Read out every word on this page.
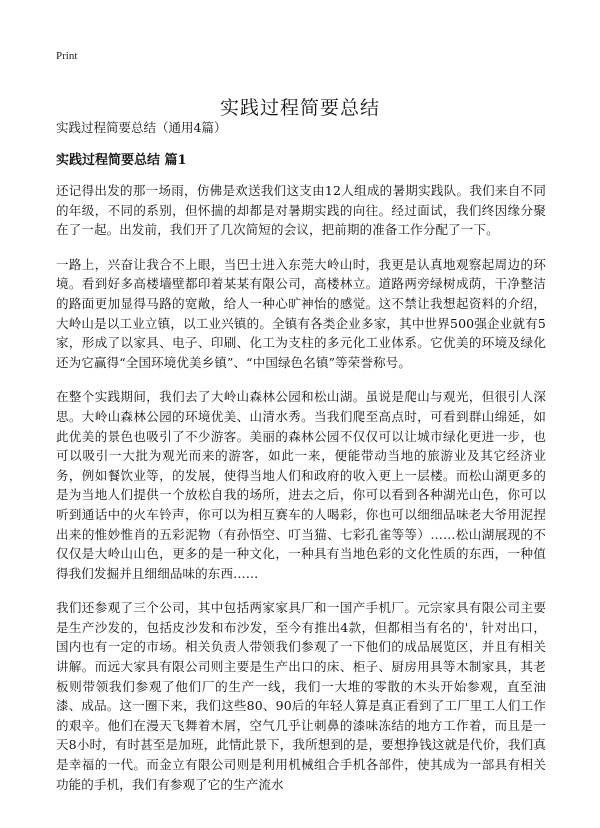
Print
实践过程简要总结

实践过程简要总结（通用4篇）

实践过程简要总结 篇1

还记得出发的那一场雨，仿佛是欢送我们这支由12人组成的暑期实践队。我们来自不同的年级，不同的系别，但怀揣的却都是对暑期实践的向往。经过面试，我们终因缘分聚在了一起。出发前，我们开了几次简短的会议，把前期的准备工作分配了一下。

一路上，兴奋让我合不上眼，当巴士进入东莞大岭山时，我更是认真地观察起周边的环境。看到好多高楼墙壁都印着某某有限公司，高楼林立。道路两旁绿树成荫，干净整洁的路面更加显得马路的宽敞，给人一种心旷神怡的感觉。这不禁让我想起资料的介绍，大岭山是以工业立镇，以工业兴镇的。全镇有各类企业多家，其中世界500强企业就有5家，形成了以家具、电子、印刷、化工为支柱的多元化工业体系。它优美的环境及绿化还为它赢得“全国环境优美乡镇”、“中国绿色名镇”等荣誉称号。

在整个实践期间，我们去了大岭山森林公园和松山湖。虽说是爬山与观光，但很引人深思。大岭山森林公园的环境优美、山清水秀。当我们爬至高点时，可看到群山绵延，如此优美的景色也吸引了不少游客。美丽的森林公园不仅仅可以让城市绿化更进一步，也可以吸引一大批为观光而来的游客，如此一来，便能带动当地的旅游业及其它经济业务，例如餐饮业等，的发展，使得当地人们和政府的收入更上一层楼。而松山湖更多的是为当地人们提供一个放松自我的场所，进去之后，你可以看到各种湖光山色，你可以听到通话中的火车铃声，你可以为相互赛车的人喝彩，你也可以细细品味老大爷用泥捏出来的惟妙惟肖的五彩泥物（有孙悟空、叮当猫、七彩孔雀等等）……松山湖展现的不仅仅是大岭山山色，更多的是一种文化，一种具有当地色彩的文化性质的东西，一种值得我们发掘并且细细品味的东西……

我们还参观了三个公司，其中包括两家家具厂和一国产手机厂。元宗家具有限公司主要是生产沙发的，包括皮沙发和布沙发，至今有推出4款，但都相当有名的'，针对出口，国内也有一定的市场。相关负责人带领我们参观了一下他们的成品展览区，并且有相关讲解。而远大家具有限公司则主要是生产出口的床、柜子、厨房用具等木制家具，其老板则带领我们参观了他们厂的生产一线，我们一大堆的零散的木头开始参观，直至油漆、成品。这一圈下来，我们这些80、90后的年轻人算是真正看到了工厂里工人们工作的艰辛。他们在漫天飞舞着木屑，空气几乎让刺鼻的漆味冻结的地方工作着，而且是一天8小时，有时甚至是加班，此情此景下，我所想到的是，要想挣钱这就是代价，我们真是幸福的一代。而金立有限公司则是利用机械组合手机各部件，使其成为一部具有相关功能的手机，我们有参观了它的生产流水
